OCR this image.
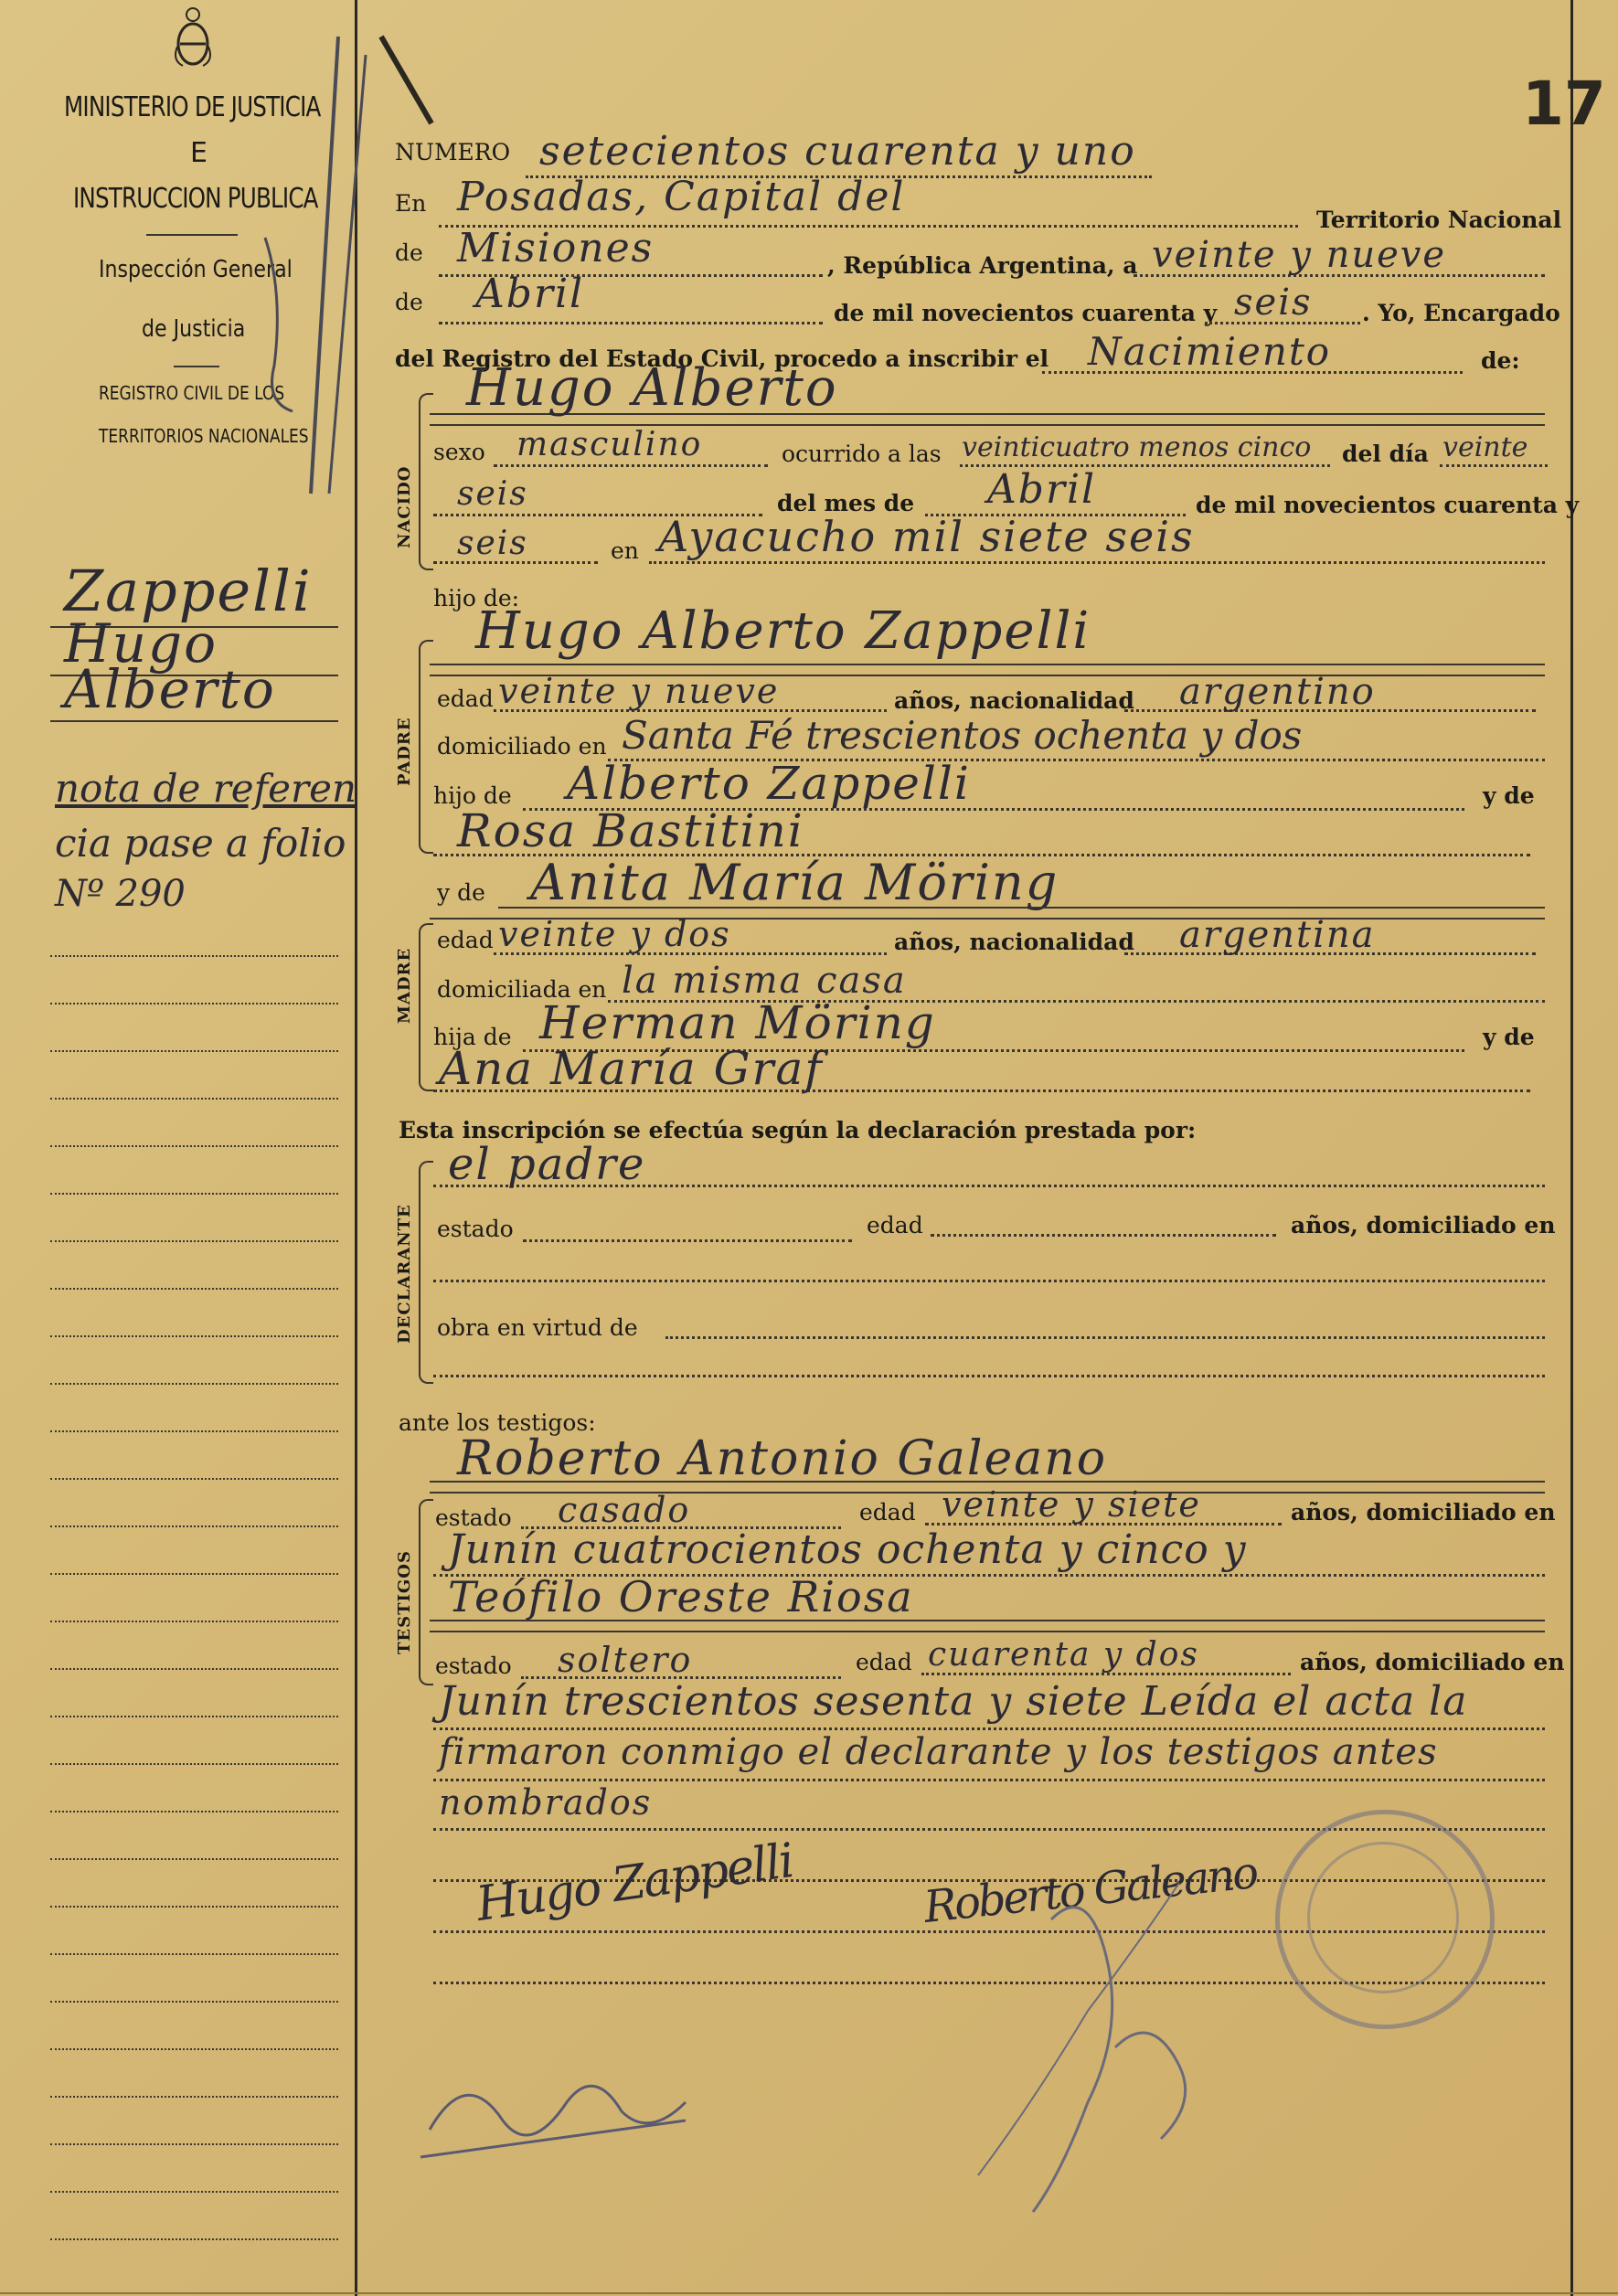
MINISTERIO DE JUSTICIA
E
INSTRUCCION PUBLICA
Inspección General
de Justicia
REGISTRO CIVIL DE LOS
TERRITORIOS NACIONALES
Zappelli
Hugo
Alberto
nota de referen
cia pase a folio
Nº 290
17
NUMERO setecientos cuarenta y uno
En Posadas, Capital del	Territorio Nacional
de Misiones	, República Argentina, a veinte y nueve
de Abril	de mil novecientos cuarenta y seis . Yo, Encargado
del Registro del Estado Civil, procedo a inscribir el Nacimiento	de:
Hugo Alberto
NACIDO
sexo masculino	ocurrido a las veinticuatro menos cinco del día veinte
seis	del mes de Abril	de mil novecientos cuarenta y
seis	en Ayacucho mil siete seis
hijo de:
Hugo Alberto Zappelli
PADRE
edad veinte y nueve	años, nacionalidad argentino
domiciliado en Santa Fé trescientos ochenta y dos
hijo de Alberto Zappelli	y de
Rosa Bastitini
y de Anita María Möring
MADRE
edad veinte y dos	años, nacionalidad argentina
domiciliada en la misma casa
hija de Herman Möring	y de
Ana María Graf
Esta inscripción se efectúa según la declaración prestada por:
DECLARANTE
el padre
estado	edad	años, domiciliado en
obra en virtud de
ante los testigos:
Roberto Antonio Galeano
TESTIGOS
estado casado	edad veinte y siete	años, domiciliado en
Junín cuatrocientos ochenta y cinco y
Teófilo Oreste Riosa
estado soltero	edad cuarenta y dos	años, domiciliado en
Junín trescientos sesenta y siete Leída el acta la
firmaron conmigo el declarante y los testigos antes
nombrados
Hugo Zappelli	Roberto Galeano
